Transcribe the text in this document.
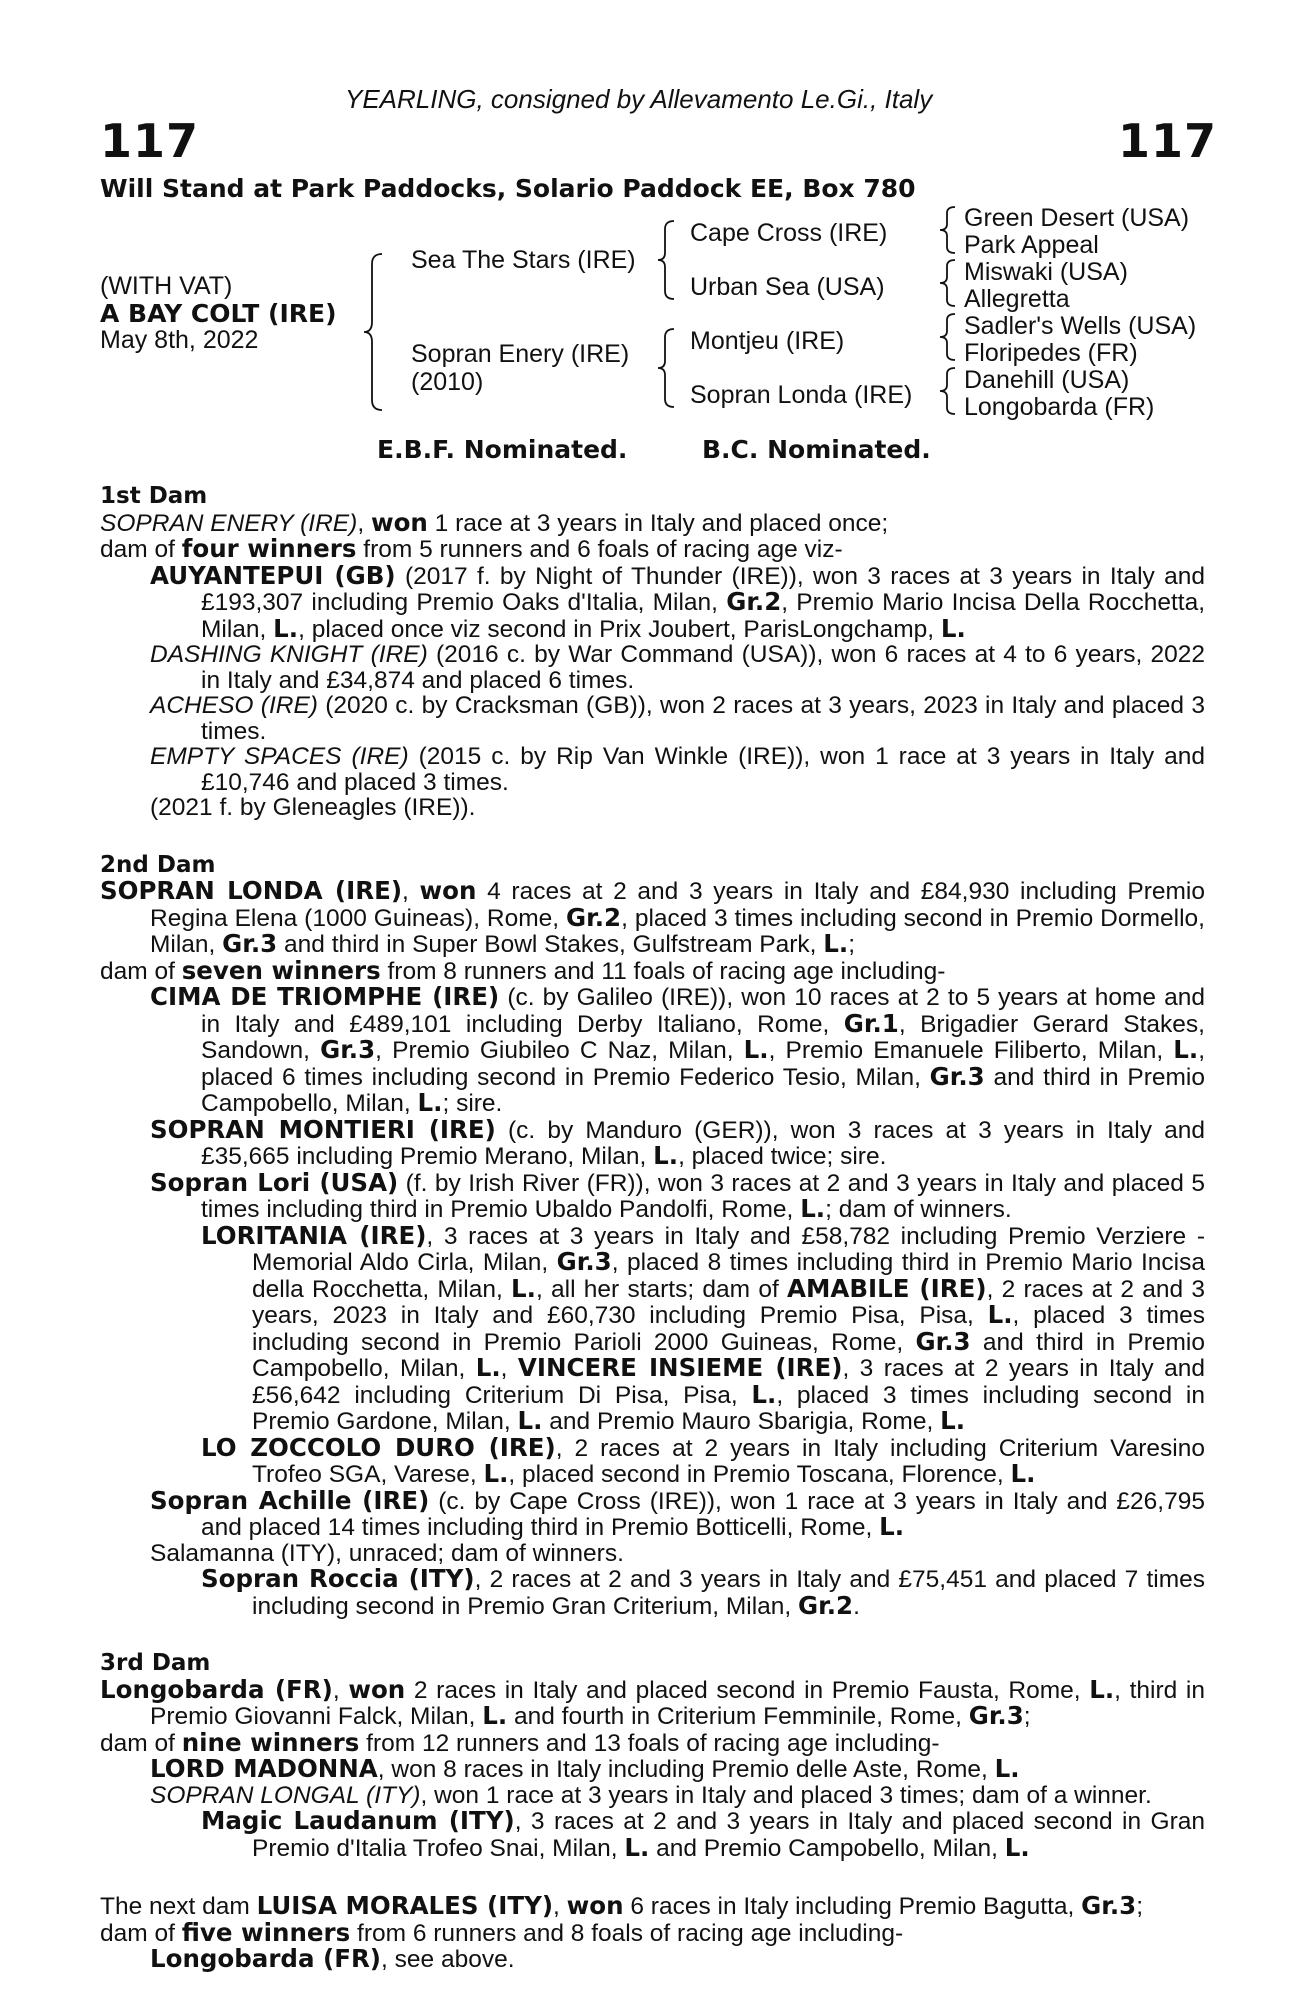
YEARLING, consigned by Allevamento Le.Gi., Italy
117	117
Will Stand at Park Paddocks, Solario Paddock EE, Box 780
(WITH VAT)
A BAY COLT (IRE)
May 8th, 2022
Sea The Stars (IRE)
Sopran Enery (IRE)
(2010)
Cape Cross (IRE)
Urban Sea (USA)
Montjeu (IRE)
Sopran Londa (IRE)
Green Desert (USA)
Park Appeal
Miswaki (USA)
Allegretta
Sadler's Wells (USA)
Floripedes (FR)
Danehill (USA)
Longobarda (FR)
E.B.F. Nominated.	B.C. Nominated.
1st Dam
SOPRAN ENERY (IRE), won 1 race at 3 years in Italy and placed once;
dam of four winners from 5 runners and 6 foals of racing age viz-
AUYANTEPUI (GB) (2017 f. by Night of Thunder (IRE)), won 3 races at 3 years in Italy and £193,307 including Premio Oaks d'Italia, Milan, Gr.2, Premio Mario Incisa Della Rocchetta, Milan, L., placed once viz second in Prix Joubert, ParisLongchamp, L.
DASHING KNIGHT (IRE) (2016 c. by War Command (USA)), won 6 races at 4 to 6 years, 2022 in Italy and £34,874 and placed 6 times.
ACHESO (IRE) (2020 c. by Cracksman (GB)), won 2 races at 3 years, 2023 in Italy and placed 3 times.
EMPTY SPACES (IRE) (2015 c. by Rip Van Winkle (IRE)), won 1 race at 3 years in Italy and £10,746 and placed 3 times.
(2021 f. by Gleneagles (IRE)).
2nd Dam
SOPRAN LONDA (IRE), won 4 races at 2 and 3 years in Italy and £84,930 including Premio Regina Elena (1000 Guineas), Rome, Gr.2, placed 3 times including second in Premio Dormello, Milan, Gr.3 and third in Super Bowl Stakes, Gulfstream Park, L.;
dam of seven winners from 8 runners and 11 foals of racing age including-
CIMA DE TRIOMPHE (IRE) (c. by Galileo (IRE)), won 10 races at 2 to 5 years at home and in Italy and £489,101 including Derby Italiano, Rome, Gr.1, Brigadier Gerard Stakes, Sandown, Gr.3, Premio Giubileo C Naz, Milan, L., Premio Emanuele Filiberto, Milan, L., placed 6 times including second in Premio Federico Tesio, Milan, Gr.3 and third in Premio Campobello, Milan, L.; sire.
SOPRAN MONTIERI (IRE) (c. by Manduro (GER)), won 3 races at 3 years in Italy and £35,665 including Premio Merano, Milan, L., placed twice; sire.
Sopran Lori (USA) (f. by Irish River (FR)), won 3 races at 2 and 3 years in Italy and placed 5 times including third in Premio Ubaldo Pandolfi, Rome, L.; dam of winners.
LORITANIA (IRE), 3 races at 3 years in Italy and £58,782 including Premio Verziere - Memorial Aldo Cirla, Milan, Gr.3, placed 8 times including third in Premio Mario Incisa della Rocchetta, Milan, L., all her starts; dam of AMABILE (IRE), 2 races at 2 and 3 years, 2023 in Italy and £60,730 including Premio Pisa, Pisa, L., placed 3 times including second in Premio Parioli 2000 Guineas, Rome, Gr.3 and third in Premio Campobello, Milan, L., VINCERE INSIEME (IRE), 3 races at 2 years in Italy and £56,642 including Criterium Di Pisa, Pisa, L., placed 3 times including second in Premio Gardone, Milan, L. and Premio Mauro Sbarigia, Rome, L.
LO ZOCCOLO DURO (IRE), 2 races at 2 years in Italy including Criterium Varesino Trofeo SGA, Varese, L., placed second in Premio Toscana, Florence, L.
Sopran Achille (IRE) (c. by Cape Cross (IRE)), won 1 race at 3 years in Italy and £26,795 and placed 14 times including third in Premio Botticelli, Rome, L.
Salamanna (ITY), unraced; dam of winners.
Sopran Roccia (ITY), 2 races at 2 and 3 years in Italy and £75,451 and placed 7 times including second in Premio Gran Criterium, Milan, Gr.2.
3rd Dam
Longobarda (FR), won 2 races in Italy and placed second in Premio Fausta, Rome, L., third in Premio Giovanni Falck, Milan, L. and fourth in Criterium Femminile, Rome, Gr.3;
dam of nine winners from 12 runners and 13 foals of racing age including-
LORD MADONNA, won 8 races in Italy including Premio delle Aste, Rome, L.
SOPRAN LONGAL (ITY), won 1 race at 3 years in Italy and placed 3 times; dam of a winner.
Magic Laudanum (ITY), 3 races at 2 and 3 years in Italy and placed second in Gran Premio d'Italia Trofeo Snai, Milan, L. and Premio Campobello, Milan, L.
The next dam LUISA MORALES (ITY), won 6 races in Italy including Premio Bagutta, Gr.3;
dam of five winners from 6 runners and 8 foals of racing age including-
Longobarda (FR), see above.
